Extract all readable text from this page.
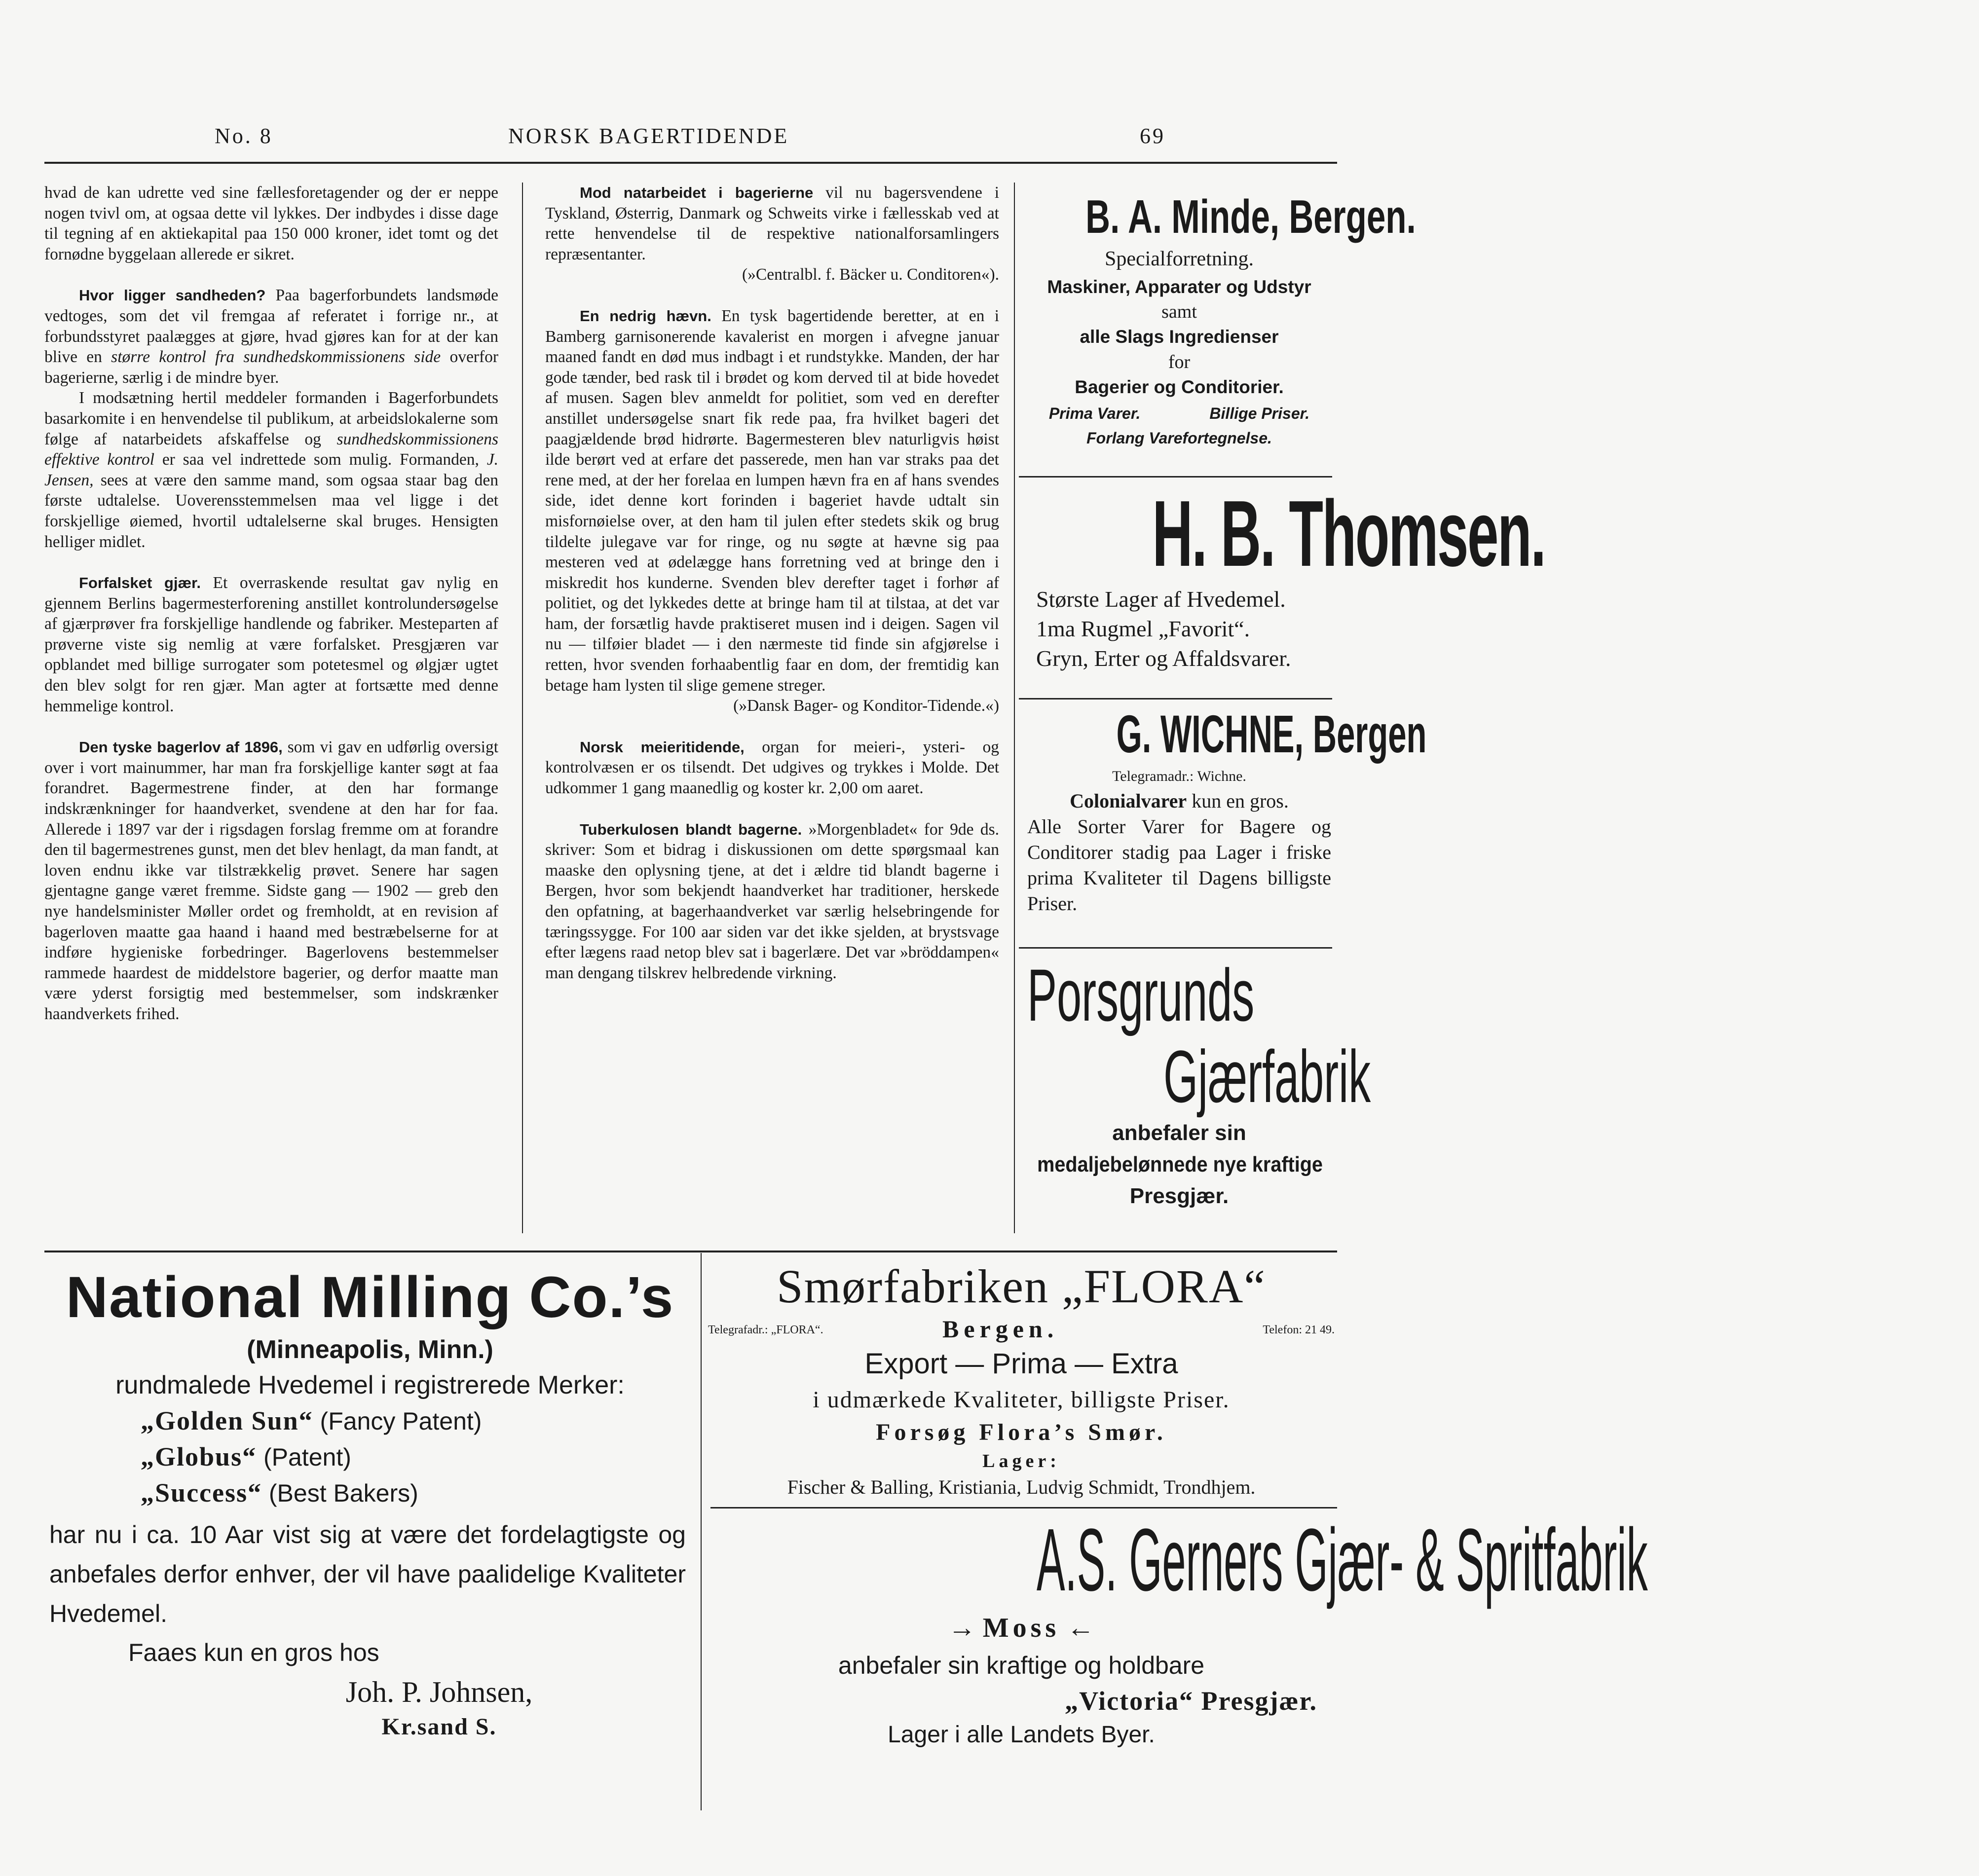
No. 8	NORSK BAGERTIDENDE	69

hvad de kan udrette ved sine fællesforetagender og der er neppe nogen tvivl om, at ogsaa dette vil lykkes. Der indbydes i disse dage til tegning af en aktiekapital paa 150 000 kroner, idet tomt og det fornødne byggelaan allerede er sikret.

Hvor ligger sandheden? Paa bagerforbundets landsmøde vedtoges, som det vil fremgaa af referatet i forrige nr., at forbundsstyret paalægges at gjøre, hvad gjøres kan for at der kan blive en større kontrol fra sundhedskommissionens side overfor bagerierne, særlig i de mindre byer.

I modsætning hertil meddeler formanden i Bagerforbundets basarkomite i en henvendelse til publikum, at arbeidslokalerne som følge af natarbeidets afskaffelse og sundhedskommissionens effektive kontrol er saa vel indrettede som mulig. Formanden, J. Jensen, sees at være den samme mand, som ogsaa staar bag den første udtalelse. Uoverensstemmelsen maa vel ligge i det forskjellige øiemed, hvortil udtalelserne skal bruges. Hensigten helliger midlet.

Forfalsket gjær. Et overraskende resultat gav nylig en gjennem Berlins bagermesterforening anstillet kontrolundersøgelse af gjærprøver fra forskjellige handlende og fabriker. Mesteparten af prøverne viste sig nemlig at være forfalsket. Presgjæren var opblandet med billige surrogater som potetesmel og ølgjær ugtet den blev solgt for ren gjær. Man agter at fortsætte med denne hemmelige kontrol.

Den tyske bagerlov af 1896, som vi gav en udførlig oversigt over i vort mainummer, har man fra forskjellige kanter søgt at faa forandret. Bagermestrene finder, at den har formange indskrænkninger for haandverket, svendene at den har for faa. Allerede i 1897 var der i rigsdagen forslag fremme om at forandre den til bagermestrenes gunst, men det blev henlagt, da man fandt, at loven endnu ikke var tilstrækkelig prøvet. Senere har sagen gjentagne gange været fremme. Sidste gang — 1902 — greb den nye handelsminister Møller ordet og fremholdt, at en revision af bagerloven maatte gaa haand i haand med bestræbelserne for at indføre hygieniske forbedringer. Bagerlovens bestemmelser rammede haardest de middelstore bagerier, og derfor maatte man være yderst forsigtig med bestemmelser, som indskrænker haandverkets frihed.

Mod natarbeidet i bagerierne vil nu bagersvendene i Tyskland, Østerrig, Danmark og Schweits virke i fællesskab ved at rette henvendelse til de respektive nationalforsamlingers repræsentanter.

(»Centralbl. f. Bäcker u. Conditoren«).

En nedrig hævn. En tysk bagertidende beretter, at en i Bamberg garnisonerende kavalerist en morgen i afvegne januar maaned fandt en død mus indbagt i et rundstykke. Manden, der har gode tænder, bed rask til i brødet og kom derved til at bide hovedet af musen. Sagen blev anmeldt for politiet, som ved en derefter anstillet undersøgelse snart fik rede paa, fra hvilket bageri det paagjældende brød hidrørte. Bagermesteren blev naturligvis høist ilde berørt ved at erfare det passerede, men han var straks paa det rene med, at der her forelaa en lumpen hævn fra en af hans svendes side, idet denne kort forinden i bageriet havde udtalt sin misfornøielse over, at den ham til julen efter stedets skik og brug tildelte julegave var for ringe, og nu søgte at hævne sig paa mesteren ved at ødelægge hans forretning ved at bringe den i miskredit hos kunderne. Svenden blev derefter taget i forhør af politiet, og det lykkedes dette at bringe ham til at tilstaa, at det var ham, der forsætlig havde praktiseret musen ind i deigen. Sagen vil nu — tilføier bladet — i den nærmeste tid finde sin afgjørelse i retten, hvor svenden forhaabentlig faar en dom, der fremtidig kan betage ham lysten til slige gemene streger.

(»Dansk Bager- og Konditor-Tidende.«)

Norsk meieritidende, organ for meieri-, ysteri- og kontrolvæsen er os tilsendt. Det udgives og trykkes i Molde. Det udkommer 1 gang maanedlig og koster kr. 2,00 om aaret.

Tuberkulosen blandt bagerne. »Morgenbladet« for 9de ds. skriver: Som et bidrag i diskussionen om dette spørgsmaal kan maaske den oplysning tjene, at det i ældre tid blandt bagerne i Bergen, hvor som bekjendt haandverket har traditioner, herskede den opfatning, at bagerhaandverket var særlig helsebringende for tæringssygge. For 100 aar siden var det ikke sjelden, at brystsvage efter lægens raad netop blev sat i bagerlære. Det var »bröddampen« man dengang tilskrev helbredende virkning.

B. A. Minde, Bergen.
Specialforretning.
Maskiner, Apparater og Udstyr
samt
alle Slags Ingredienser
for
Bagerier og Conditorier.
Prima Varer.	Billige Priser.
Forlang Varefortegnelse.
H. B. Thomsen.
Største Lager af Hvedemel.
1ma Rugmel „Favorit“.
Gryn, Erter og Affaldsvarer.
G. WICHNE, Bergen
Telegramadr.: Wichne.
Colonialvarer kun en gros.
Alle Sorter Varer for Bagere og Conditorer stadig paa Lager i friske prima Kvaliteter til Dagens billigste Priser.
Porsgrunds Gjærfabrik anbefaler sin medaljebelønnede nye kraftige Presgjær.
National Milling Co.’s
(Minneapolis, Minn.)
rundmalede Hvedemel i registrerede Merker:
„Golden Sun“ (Fancy Patent)
„Globus“ (Patent)
„Success“ (Best Bakers)
har nu i ca. 10 Aar vist sig at være det fordelagtigste og anbefales derfor enhver, der vil have paalidelige Kvaliteter Hvedemel.
Faaes kun en gros hos
Joh. P. Johnsen,
Kr.sand S.
Smørfabriken „FLORA“
Telegrafadr.: „FLORA“.	Bergen.	Telefon: 21 49.
Export — Prima — Extra
i udmærkede Kvaliteter, billigste Priser.
Forsøg Flora’s Smør.
Lager:
Fischer & Balling, Kristiania, Ludvig Schmidt, Trondhjem.
A.S. Gerners Gjær- & Spritfabrik
→ Moss ←
anbefaler sin kraftige og holdbare
„Victoria“ Presgjær.
Lager i alle Landets Byer.
